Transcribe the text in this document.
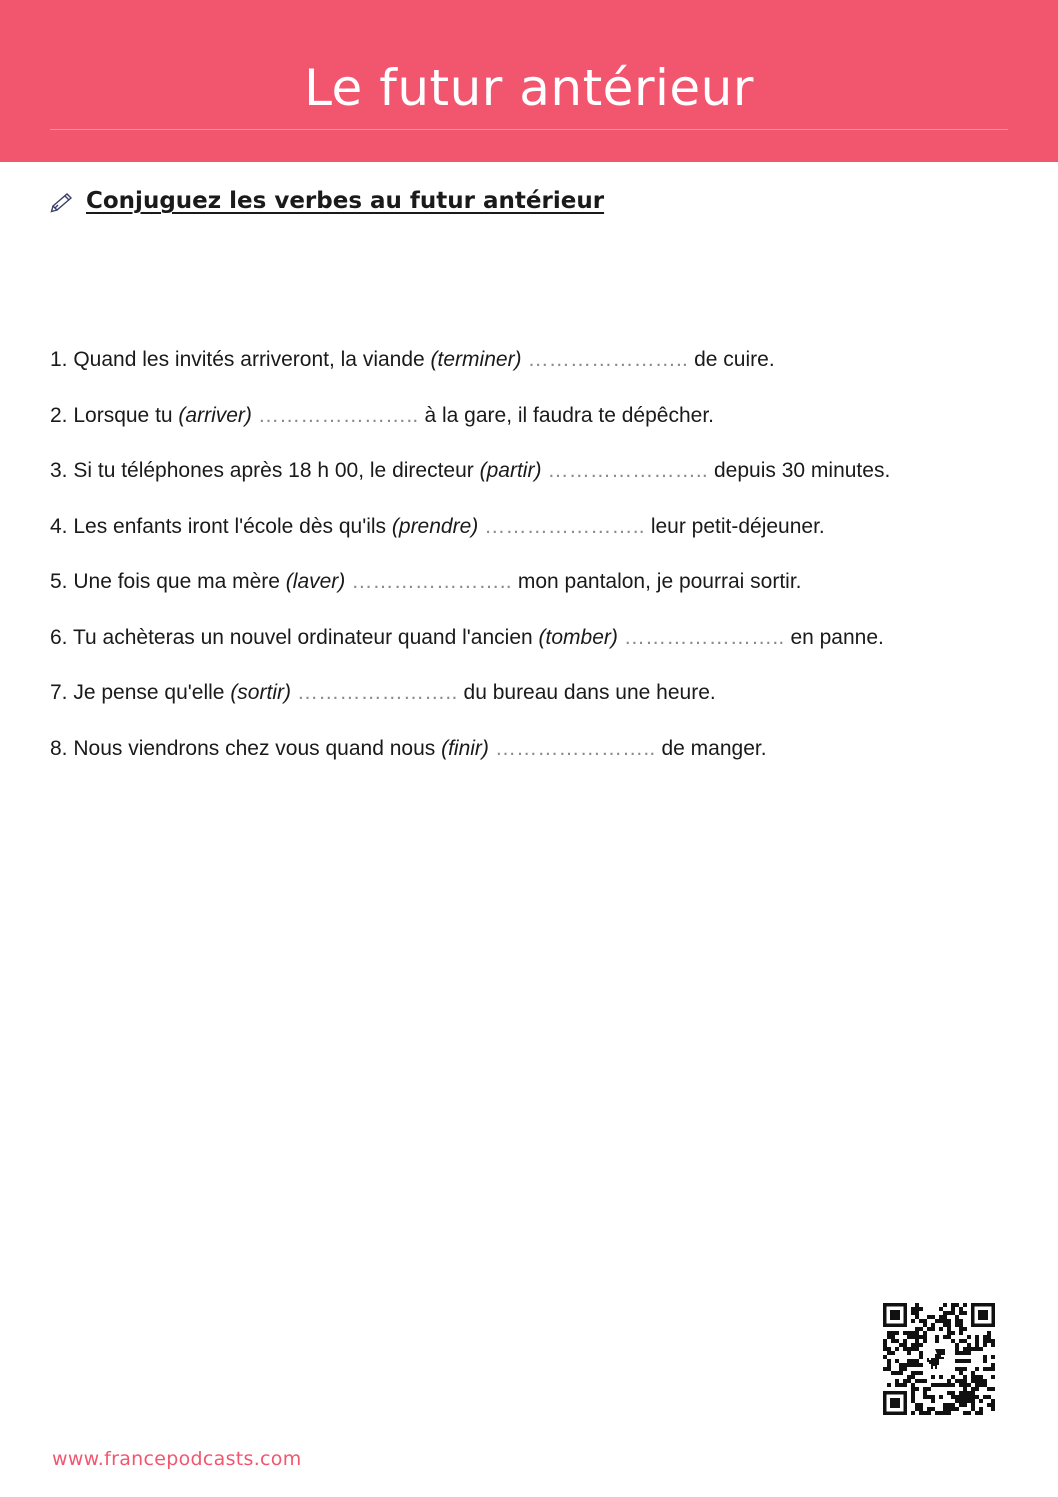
Le futur antérieur
Conjuguez les verbes au futur antérieur
1. Quand les invités arriveront, la viande (terminer) ………………….. de cuire.
2. Lorsque tu (arriver) ………………….. à la gare, il faudra te dépêcher.
3. Si tu téléphones après 18 h 00, le directeur (partir) ………………….. depuis 30 minutes.
4. Les enfants iront l'école dès qu'ils (prendre) ………………….. leur petit-déjeuner.
5. Une fois que ma mère (laver) ………………….. mon pantalon, je pourrai sortir.
6. Tu achèteras un nouvel ordinateur quand l'ancien (tomber) ………………….. en panne.
7. Je pense qu'elle (sortir) ………………….. du bureau dans une heure.
8. Nous viendrons chez vous quand nous (finir) ………………….. de manger.
www.francepodcasts.com
